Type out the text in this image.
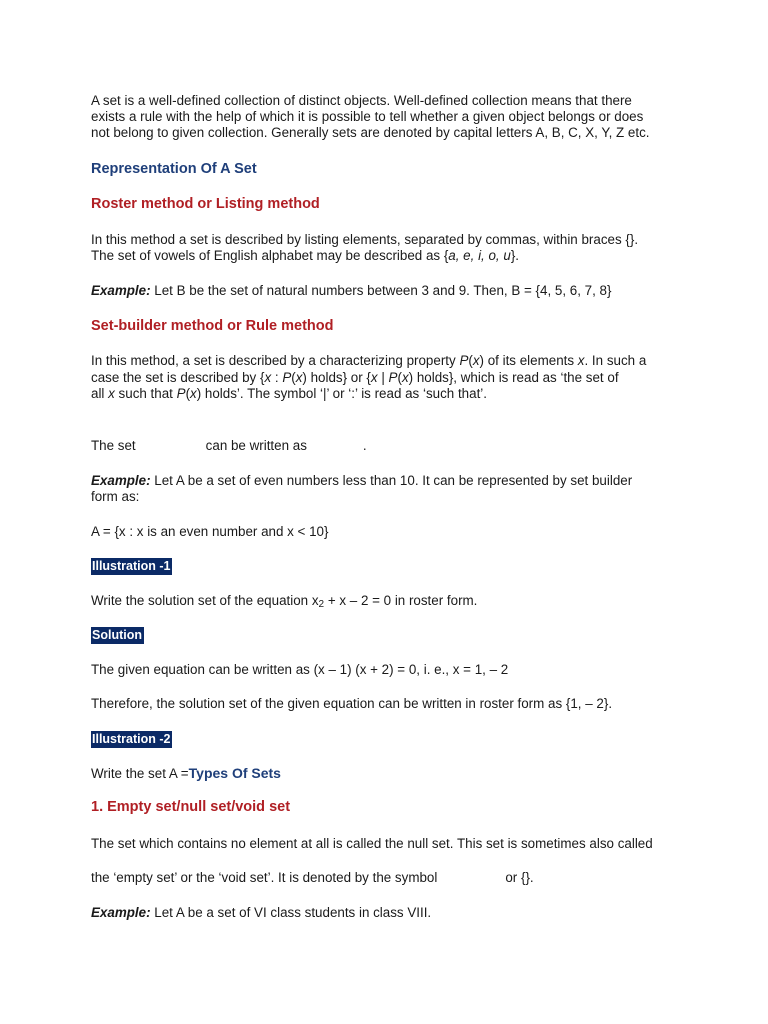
A set is a well-defined collection of distinct objects. Well-defined collection means that there
exists a rule with the help of which it is possible to tell whether a given object belongs or does
not belong to given collection. Generally sets are denoted by capital letters A, B, C, X, Y, Z etc.
Representation Of A Set
Roster method or Listing method
In this method a set is described by listing elements, separated by commas, within braces {}.
The set of vowels of English alphabet may be described as {a, e, i, o, u}.
Example: Let B be the set of natural numbers between 3 and 9. Then, B = {4, 5, 6, 7, 8}
Set-builder method or Rule method
In this method, a set is described by a characterizing property P(x) of its elements x. In such a
case the set is described by {x : P(x) holds} or {x | P(x) holds}, which is read as ‘the set of
all x such that P(x) holds’. The symbol ‘|’ or ‘:’ is read as ‘such that’.
The set	can be written as	.
Example: Let A be a set of even numbers less than 10. It can be represented by set builder
form as:
A = {x : x is an even number and x < 10}
Illustration -1
Write the solution set of the equation $x_2 + x - 2 = 0$ in roster form.
Solution
The given equation can be written as (x – 1) (x + 2) = 0, i. e., x = 1, – 2
Therefore, the solution set of the given equation can be written in roster form as {1, – 2}.
Illustration -2
Write the set A =Types Of Sets
1. Empty set/null set/void set
The set which contains no element at all is called the null set. This set is sometimes also called
the ‘empty set’ or the ‘void set’. It is denoted by the symbol	or {}.
Example: Let A be a set of VI class students in class VIII.
